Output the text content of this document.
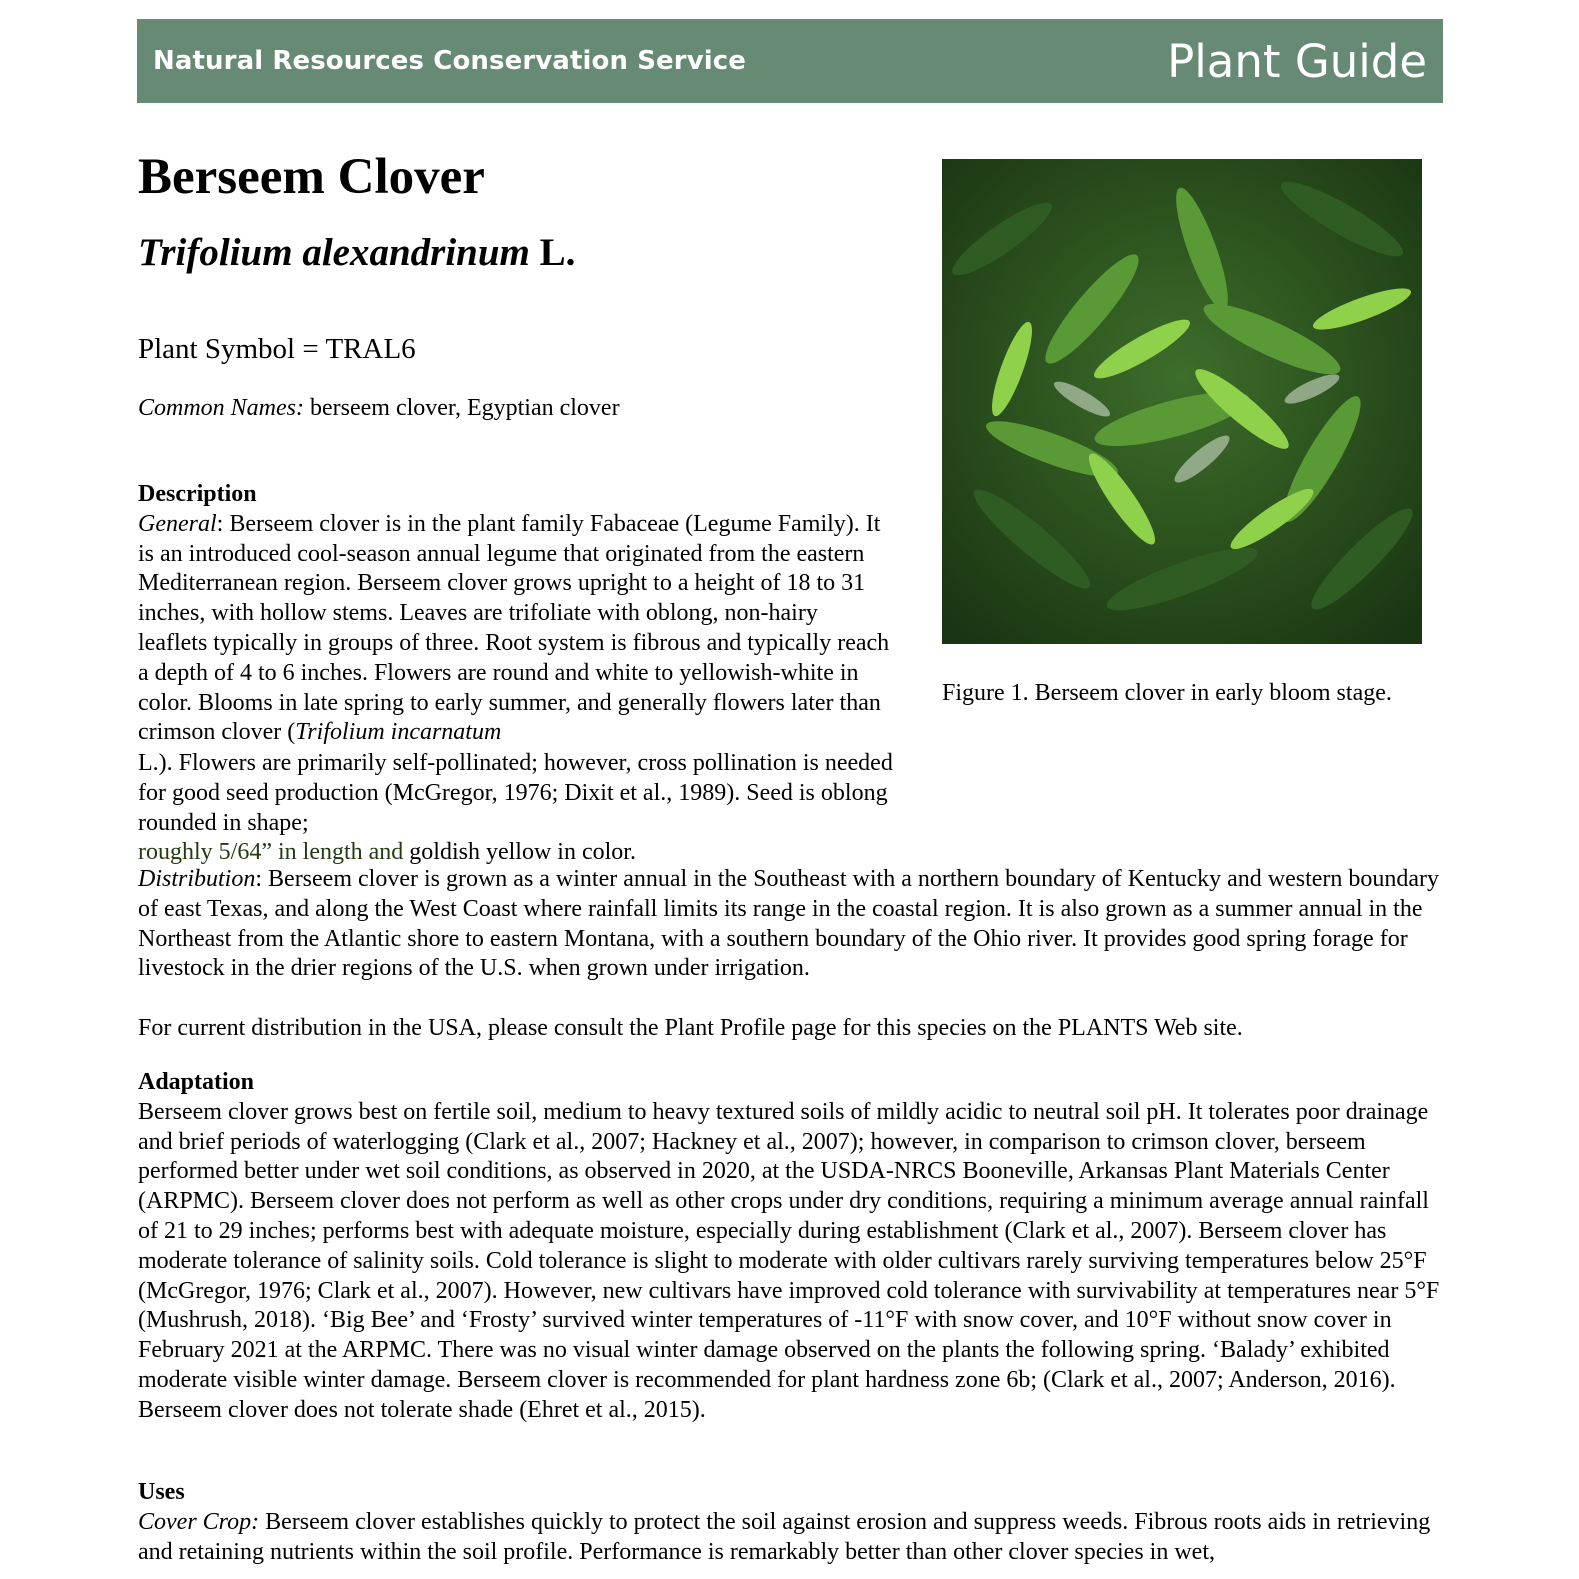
Natural Resources Conservation Service	Plant Guide
Berseem Clover
Trifolium alexandrinum L.

Plant Symbol = TRAL6

Common Names: berseem clover, Egyptian clover

Figure 1. Berseem clover in early bloom stage.

Description
General: Berseem clover is in the plant family Fabaceae (Legume Family). It is an introduced cool-season annual legume that originated from the eastern Mediterranean region. Berseem clover grows upright to a height of 18 to 31 inches, with hollow stems. Leaves are trifoliate with oblong, non-hairy leaflets typically in groups of three. Root system is fibrous and typically reach a depth of 4 to 6 inches. Flowers are round and white to yellowish-white in color. Blooms in late spring to early summer, and generally flowers later than crimson clover (Trifolium incarnatum
L.). Flowers are primarily self-pollinated; however, cross pollination is needed for good seed production (McGregor, 1976; Dixit et al., 1989). Seed is oblong rounded in shape;
roughly 5/64” in length and goldish yellow in color.
Distribution: Berseem clover is grown as a winter annual in the Southeast with a northern boundary of Kentucky and western boundary of east Texas, and along the West Coast where rainfall limits its range in the coastal region. It is also grown as a summer annual in the Northeast from the Atlantic shore to eastern Montana, with a southern boundary of the Ohio river. It provides good spring forage for livestock in the drier regions of the U.S. when grown under irrigation.
For current distribution in the USA, please consult the Plant Profile page for this species on the PLANTS Web site.
Adaptation
Berseem clover grows best on fertile soil, medium to heavy textured soils of mildly acidic to neutral soil pH. It tolerates poor drainage and brief periods of waterlogging (Clark et al., 2007; Hackney et al., 2007); however, in comparison to crimson clover, berseem performed better under wet soil conditions, as observed in 2020, at the USDA-NRCS Booneville, Arkansas Plant Materials Center (ARPMC). Berseem clover does not perform as well as other crops under dry conditions, requiring a minimum average annual rainfall of 21 to 29 inches; performs best with adequate moisture, especially during establishment (Clark et al., 2007). Berseem clover has moderate tolerance of salinity soils. Cold tolerance is slight to moderate with older cultivars rarely surviving temperatures below 25°F (McGregor, 1976; Clark et al., 2007). However, new cultivars have improved cold tolerance with survivability at temperatures near 5°F (Mushrush, 2018). ‘Big Bee’ and ‘Frosty’ survived winter temperatures of -11°F with snow cover, and 10°F without snow cover in February 2021 at the ARPMC. There was no visual winter damage observed on the plants the following spring. ‘Balady’ exhibited moderate visible winter damage. Berseem clover is recommended for plant hardness zone 6b; (Clark et al., 2007; Anderson, 2016). Berseem clover does not tolerate shade (Ehret et al., 2015).
Uses
Cover Crop: Berseem clover establishes quickly to protect the soil against erosion and suppress weeds. Fibrous roots aids in retrieving and retaining nutrients within the soil profile. Performance is remarkably better than other clover species in wet,
